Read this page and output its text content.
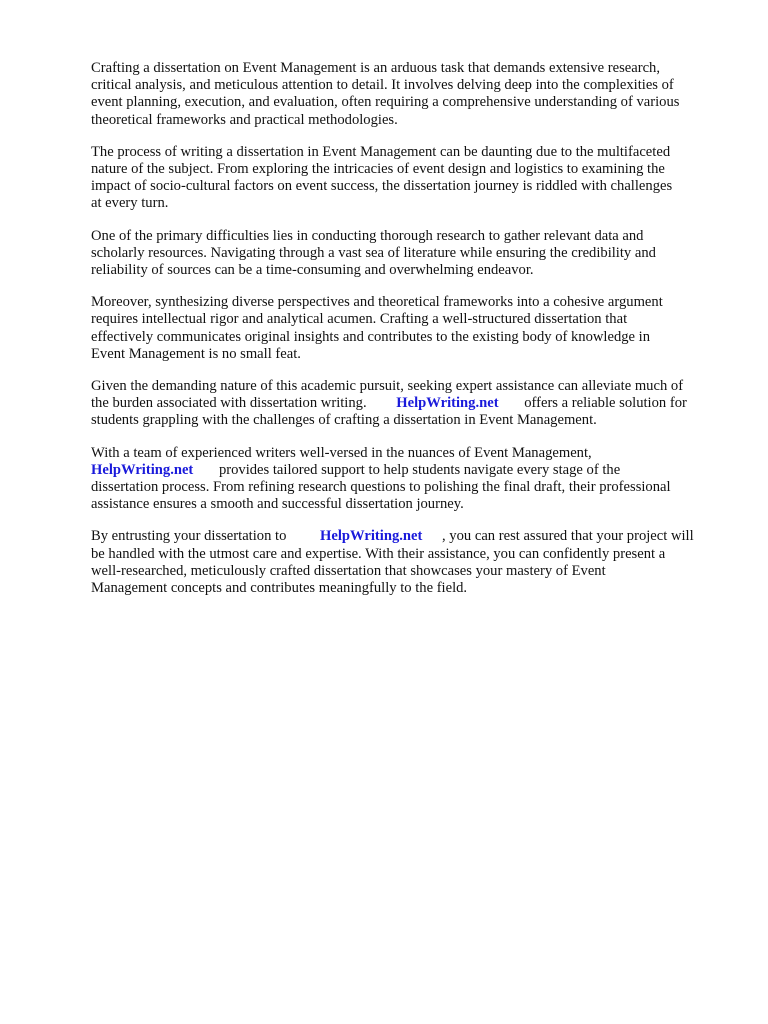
Crafting a dissertation on Event Management is an arduous task that demands extensive research,
critical analysis, and meticulous attention to detail. It involves delving deep into the complexities of
event planning, execution, and evaluation, often requiring a comprehensive understanding of various
theoretical frameworks and practical methodologies.

The process of writing a dissertation in Event Management can be daunting due to the multifaceted
nature of the subject. From exploring the intricacies of event design and logistics to examining the
impact of socio-cultural factors on event success, the dissertation journey is riddled with challenges
at every turn.

One of the primary difficulties lies in conducting thorough research to gather relevant data and
scholarly resources. Navigating through a vast sea of literature while ensuring the credibility and
reliability of sources can be a time-consuming and overwhelming endeavor.

Moreover, synthesizing diverse perspectives and theoretical frameworks into a cohesive argument
requires intellectual rigor and analytical acumen. Crafting a well-structured dissertation that
effectively communicates original insights and contributes to the existing body of knowledge in
Event Management is no small feat.

Given the demanding nature of this academic pursuit, seeking expert assistance can alleviate much of
the burden associated with dissertation writing. HelpWriting.net offers a reliable solution for
students grappling with the challenges of crafting a dissertation in Event Management.

With a team of experienced writers well-versed in the nuances of Event Management,
HelpWriting.net provides tailored support to help students navigate every stage of the
dissertation process. From refining research questions to polishing the final draft, their professional
assistance ensures a smooth and successful dissertation journey.

By entrusting your dissertation to HelpWriting.net , you can rest assured that your project will
be handled with the utmost care and expertise. With their assistance, you can confidently present a
well-researched, meticulously crafted dissertation that showcases your mastery of Event
Management concepts and contributes meaningfully to the field.
